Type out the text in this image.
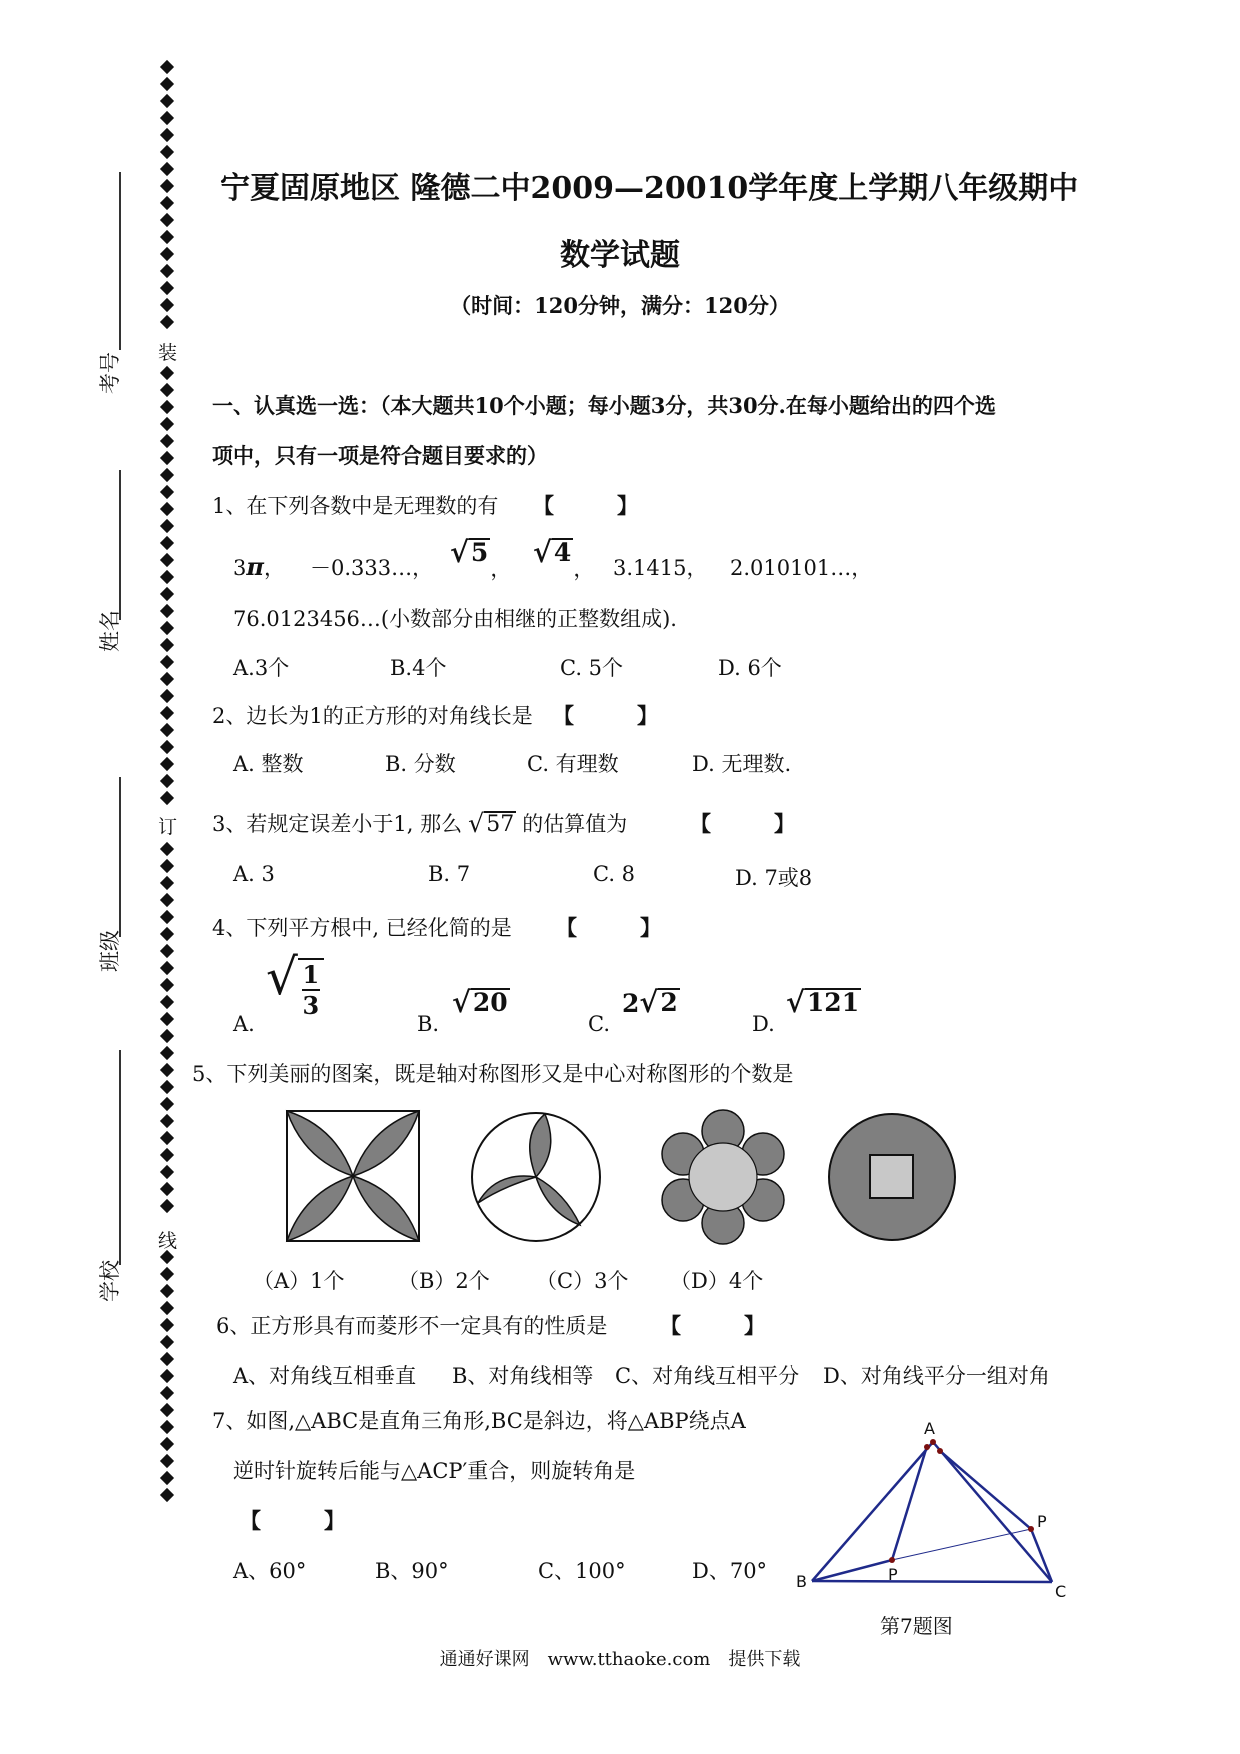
装
订
线
考号
姓名
班级
学校
宁夏固原地区 隆德二中2009—20010学年度上学期八年级期中
数学试题
（时间：120分钟，满分：120分）
一、认真选一选：（本大题共10个小题；每小题3分，共30分.在每小题给出的四个选
项中，只有一项是符合题目要求的）
1、在下列各数中是无理数的有 【　　　】
3π， －0.333…， √ 5
， √ 4
， 3.1415， 2.010101…，
76.0123456…(小数部分由相继的正整数组成).
A.3个	B.4个	C. 5个	D. 6个
2、边长为1的正方形的对角线长是 【　　　】
A. 整数	B. 分数	C. 有理数	D. 无理数.
3、若规定误差小于1, 那么 √ 57 的估算值为	【　　　】
A. 3	B. 7	C. 8	D. 7或8
4、下列平方根中, 已经化简的是 【　　　】
A.
√ 1
3
B.
√ 20
C.
2 √ 2
D.
√ 121
5、下列美丽的图案，既是轴对称图形又是中心对称图形的个数是
（A）1个	（B）2个 （C）3个 （D）4个
6、正方形具有而菱形不一定具有的性质是	【　　　】
A、对角线互相垂直 B、对角线相等 C、对角线互相平分 D、对角线平分一组对角
7、如图,△ABC是直角三角形,BC是斜边，将△ABP绕点A
逆时针旋转后能与△ACP′重合，则旋转角是
【　　　】
A、60°	B、90°	C、100°	D、70°
A
B
C
P
P
第7题图
通通好课网　www.tthaoke.com　提供下载
